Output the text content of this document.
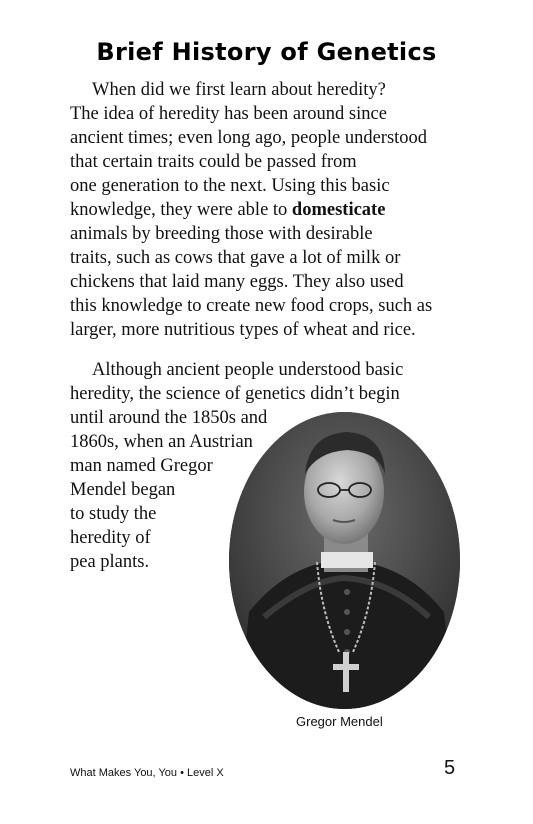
Brief History of Genetics
When did we first learn about heredity?
The idea of heredity has been around since
ancient times; even long ago, people understood
that certain traits could be passed from
one generation to the next. Using this basic
knowledge, they were able to domesticate
animals by breeding those with desirable
traits, such as cows that gave a lot of milk or
chickens that laid many eggs. They also used
this knowledge to create new food crops, such as
larger, more nutritious types of wheat and rice.
Although ancient people understood basic
heredity, the science of genetics didn’t begin
until around the 1850s and
1860s, when an Austrian
man named Gregor
Mendel began
to study the
heredity of
pea plants.
Gregor Mendel
What Makes You, You • Level X	5
